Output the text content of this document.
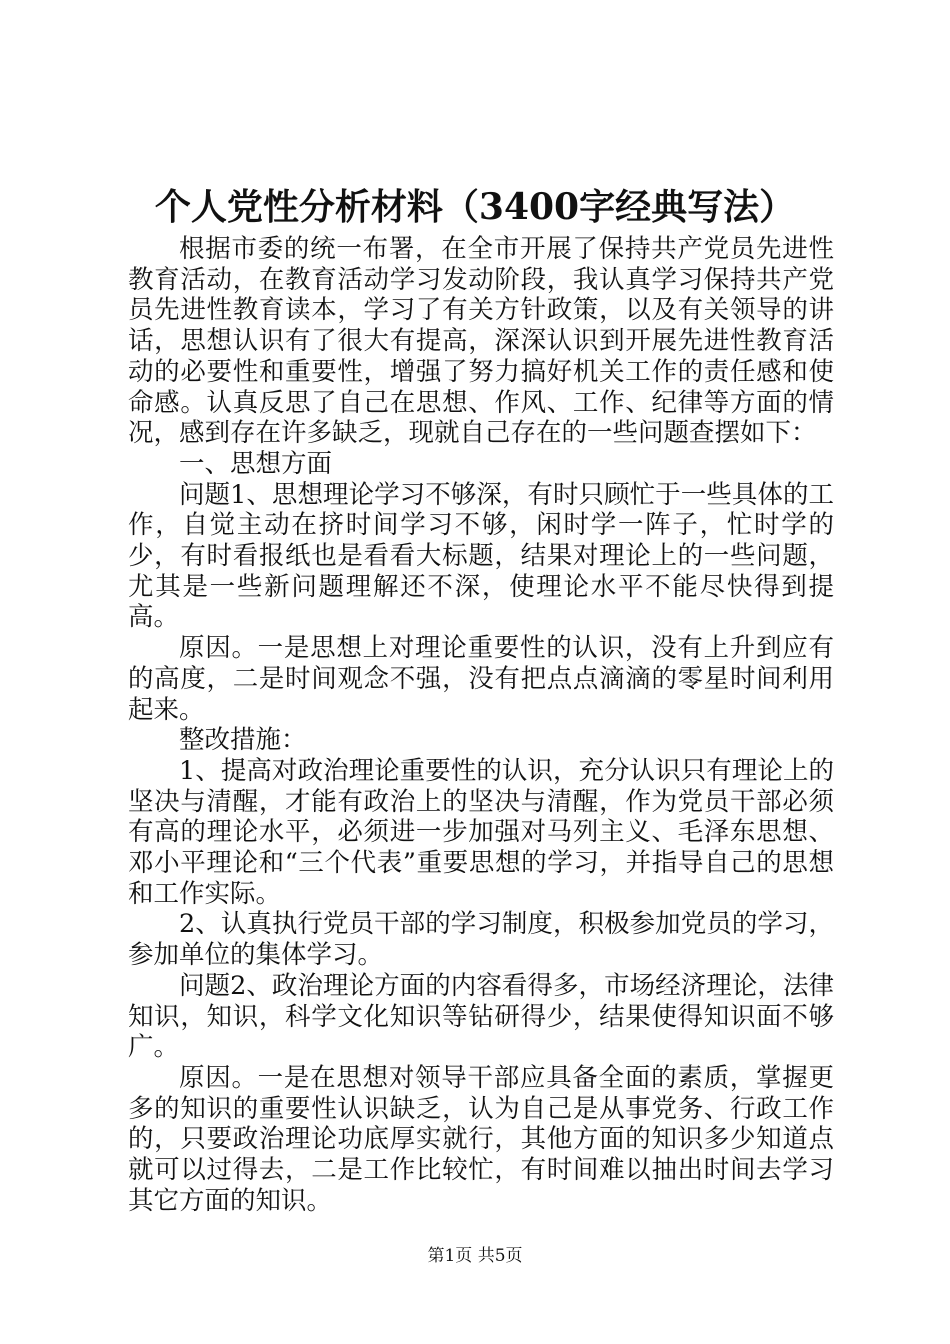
个人党性分析材料（3400字经典写法）

根据市委的统一布署，在全市开展了保持共产党员先进性教育活动，在教育活动学习发动阶段，我认真学习保持共产党员先进性教育读本，学习了有关方针政策，以及有关领导的讲话，思想认识有了很大有提高，深深认识到开展先进性教育活动的必要性和重要性，增强了努力搞好机关工作的责任感和使命感。认真反思了自己在思想、作风、工作、纪律等方面的情况，感到存在许多缺乏，现就自己存在的一些问题查摆如下：

一、思想方面

问题1、思想理论学习不够深，有时只顾忙于一些具体的工作，自觉主动在挤时间学习不够，闲时学一阵子，忙时学的少，有时看报纸也是看看大标题，结果对理论上的一些问题，尤其是一些新问题理解还不深，使理论水平不能尽快得到提高。

原因。一是思想上对理论重要性的认识，没有上升到应有的高度，二是时间观念不强，没有把点点滴滴的零星时间利用起来。

整改措施：

1、提高对政治理论重要性的认识，充分认识只有理论上的坚决与清醒，才能有政治上的坚决与清醒，作为党员干部必须有高的理论水平，必须进一步加强对马列主义、毛泽东思想、邓小平理论和“三个代表”重要思想的学习，并指导自己的思想和工作实际。

2、认真执行党员干部的学习制度，积极参加党员的学习，参加单位的集体学习。

问题2、政治理论方面的内容看得多，市场经济理论，法律知识，知识，科学文化知识等钻研得少，结果使得知识面不够广。

原因。一是在思想对领导干部应具备全面的素质，掌握更多的知识的重要性认识缺乏，认为自己是从事党务、行政工作的，只要政治理论功底厚实就行，其他方面的知识多少知道点就可以过得去，二是工作比较忙，有时间难以抽出时间去学习其它方面的知识。

第1页 共5页
